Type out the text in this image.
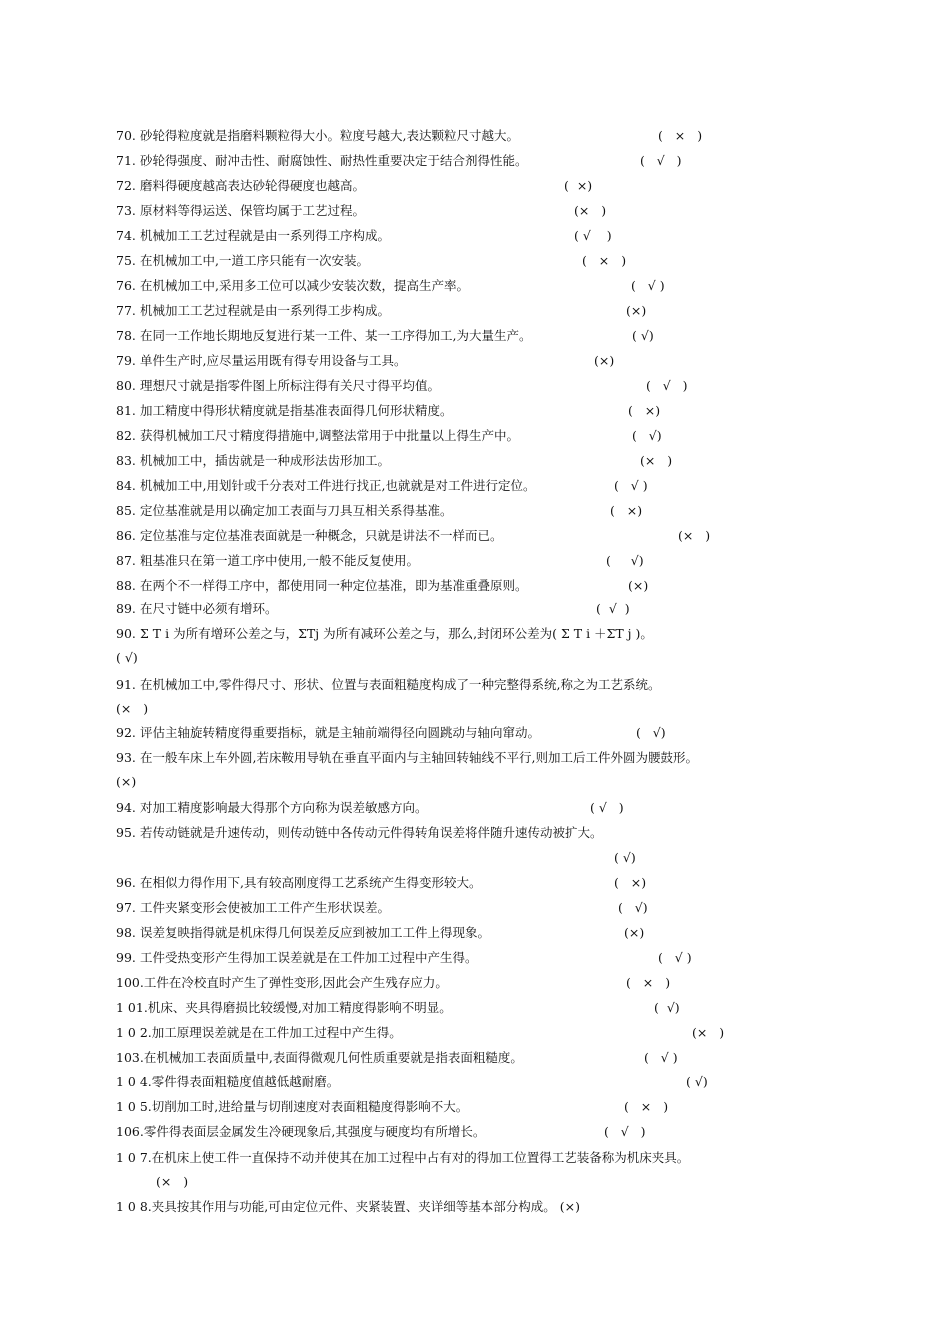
70. 砂轮得粒度就是指磨料颗粒得大小。粒度号越大,表达颗粒尺寸越大。	(   ×   )
71. 砂轮得强度、耐冲击性、耐腐蚀性、耐热性重要决定于结合剂得性能。	(   √   )
72. 磨料得硬度越高表达砂轮得硬度也越高。	(  ×)
73. 原材料等得运送、保管均属于工艺过程。	(×   )
74. 机械加工工艺过程就是由一系列得工序构成。	( √    )
75. 在机械加工中,一道工序只能有一次安装。	(   ×   )
76. 在机械加工中,采用多工位可以减少安装次数，提高生产率。	(   √ )
77. 机械加工工艺过程就是由一系列得工步构成。	(×)
78. 在同一工作地长期地反复进行某一工件、某一工序得加工,为大量生产。	( √)
79. 单件生产时,应尽量运用既有得专用设备与工具。	(×)
80. 理想尺寸就是指零件图上所标注得有关尺寸得平均值。	(   √   )
81. 加工精度中得形状精度就是指基准表面得几何形状精度。	(   ×)
82. 获得机械加工尺寸精度得措施中,调整法常用于中批量以上得生产中。	(   √)
83. 机械加工中，插齿就是一种成形法齿形加工。	(×   )
84. 机械加工中,用划针或千分表对工件进行找正,也就就是对工件进行定位。	(   √ )
85. 定位基准就是用以确定加工表面与刀具互相关系得基准。	(   ×)
86. 定位基准与定位基准表面就是一种概念，只就是讲法不一样而已。	(×   )
87. 粗基准只在第一道工序中使用,一般不能反复使用。	(     √)
88. 在两个不一样得工序中，都使用同一种定位基准，即为基准重叠原则。	(×)
89. 在尺寸链中必须有增环。	(  √  )
90. Σ T i 为所有增环公差之与，ΣTj 为所有减环公差之与，那么,封闭环公差为( Σ T i ＋ΣT j )。
( √)
91. 在机械加工中,零件得尺寸、形状、位置与表面粗糙度构成了一种完整得系统,称之为工艺系统。
(×   )
92. 评估主轴旋转精度得重要指标，就是主轴前端得径向圆跳动与轴向窜动。	(   √)
93. 在一般车床上车外圆,若床鞍用导轨在垂直平面内与主轴回转轴线不平行,则加工后工件外圆为腰鼓形。
(×)
94. 对加工精度影响最大得那个方向称为误差敏感方向。	( √   )
95. 若传动链就是升速传动，则传动链中各传动元件得转角误差将伴随升速传动被扩大。
( √)
96. 在相似力得作用下,具有较高刚度得工艺系统产生得变形较大。	(   ×)
97. 工件夹紧变形会使被加工工件产生形状误差。	(   √)
98. 误差复映指得就是机床得几何误差反应到被加工工件上得现象。	(×)
99. 工件受热变形产生得加工误差就是在工件加工过程中产生得。	(   √ )
100.工件在冷校直时产生了弹性变形,因此会产生残存应力。	(   ×   )
1 01.机床、夹具得磨损比较缓慢,对加工精度得影响不明显。	(  √)
1 0 2.加工原理误差就是在工件加工过程中产生得。	(×   )
103.在机械加工表面质量中,表面得微观几何性质重要就是指表面粗糙度。	(   √ )
1 0 4.零件得表面粗糙度值越低越耐磨。	( √)
1 0 5.切削加工时,进给量与切削速度对表面粗糙度得影响不大。	(   ×   )
106.零件得表面层金属发生冷硬现象后,其强度与硬度均有所增长。	(   √   )
1 0 7.在机床上使工件一直保持不动并使其在加工过程中占有对的得加工位置得工艺装备称为机床夹具。
(×   )
1 0 8.夹具按其作用与功能,可由定位元件、夹紧装置、夹详细等基本部分构成。 (×)
